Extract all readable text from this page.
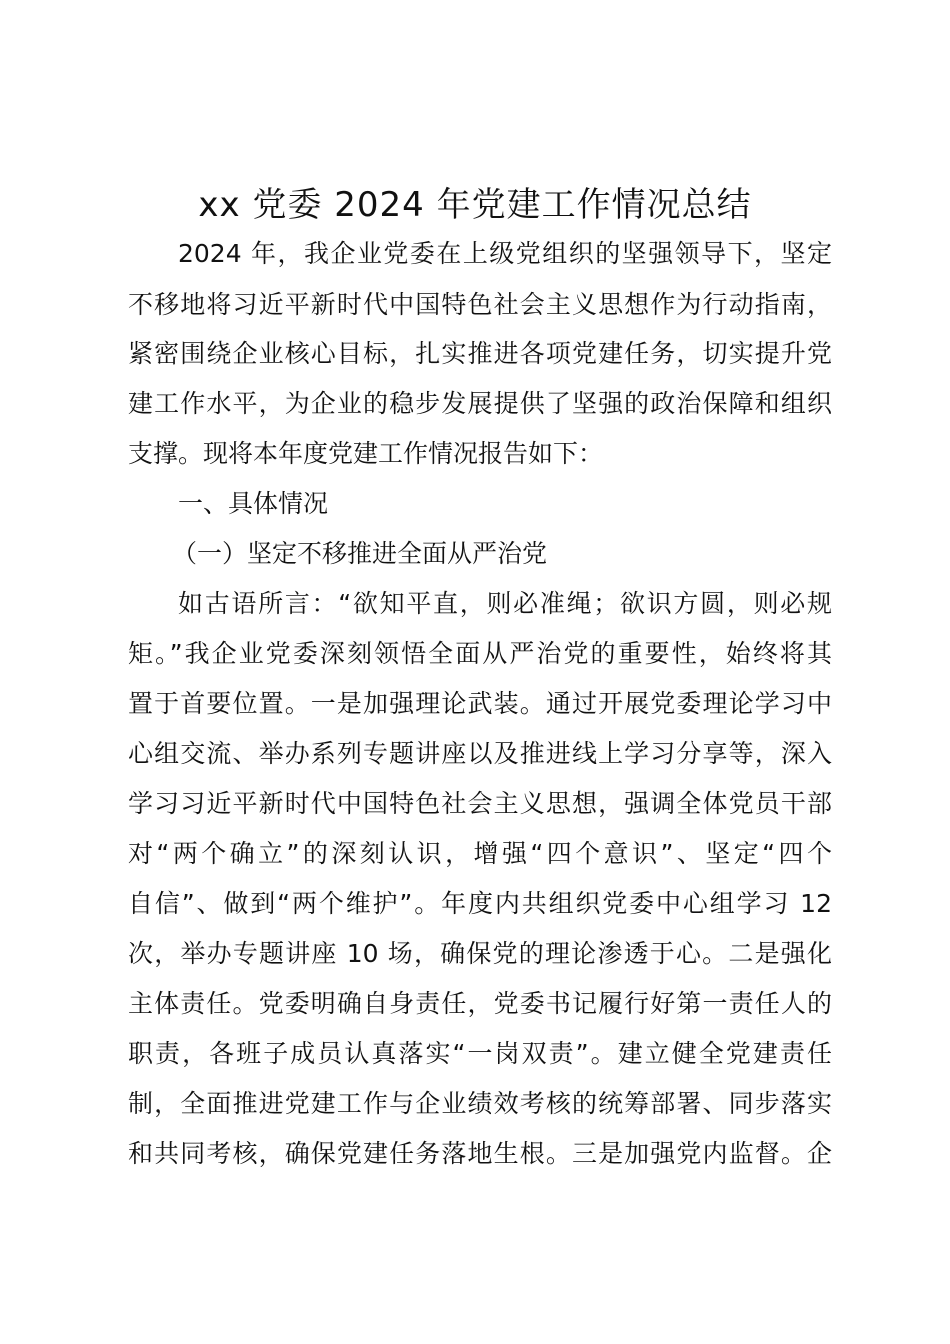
xx 党委 2024 年党建工作情况总结
2024 年，我企业党委在上级党组织的坚强领导下，坚定
不移地将习近平新时代中国特色社会主义思想作为行动指南，
紧密围绕企业核心目标，扎实推进各项党建任务，切实提升党
建工作水平，为企业的稳步发展提供了坚强的政治保障和组织
支撑。现将本年度党建工作情况报告如下：
一、具体情况
（一）坚定不移推进全面从严治党
如古语所言：“欲知平直，则必准绳；欲识方圆，则必规
矩。”我企业党委深刻领悟全面从严治党的重要性，始终将其
置于首要位置。一是加强理论武装。通过开展党委理论学习中
心组交流、举办系列专题讲座以及推进线上学习分享等，深入
学习习近平新时代中国特色社会主义思想，强调全体党员干部
对“两个确立”的深刻认识，增强“四个意识”、坚定“四个
自信”、做到“两个维护”。年度内共组织党委中心组学习 12
次，举办专题讲座 10 场，确保党的理论渗透于心。二是强化
主体责任。党委明确自身责任，党委书记履行好第一责任人的
职责，各班子成员认真落实“一岗双责”。建立健全党建责任
制，全面推进党建工作与企业绩效考核的统筹部署、同步落实
和共同考核，确保党建任务落地生根。三是加强党内监督。企
